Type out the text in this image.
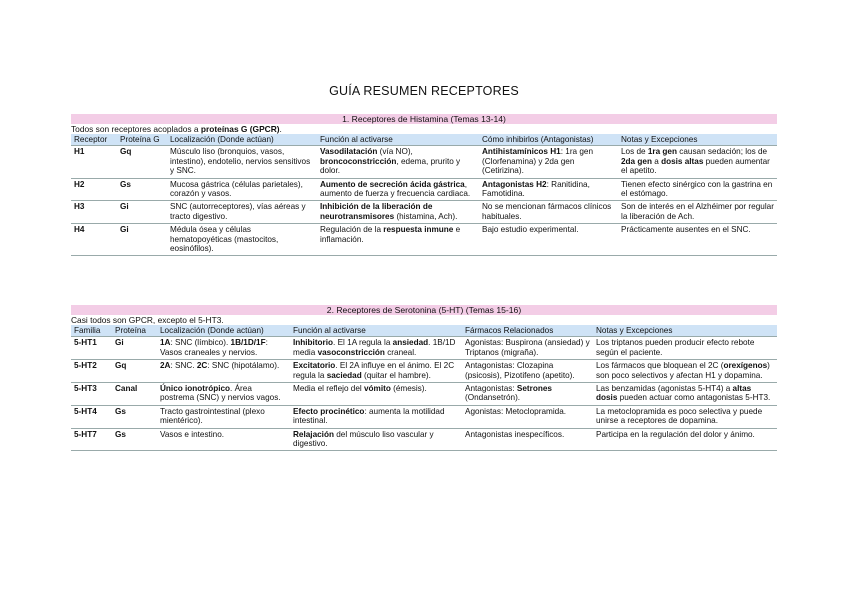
GUÍA RESUMEN RECEPTORES
1. Receptores de Histamina (Temas 13-14)
Todos son receptores acoplados a proteínas G (GPCR).
Receptor	Proteína G	Localización (Donde actúan)	Función al activarse	Cómo inhibirlos (Antagonistas)	Notas y Excepciones
H1	Gq	Músculo liso (bronquios, vasos, intestino), endotelio, nervios sensitivos y SNC.	Vasodilatación (vía NO), broncoconstricción, edema, prurito y dolor.	Antihistamínicos H1: 1ra gen (Clorfenamina) y 2da gen (Cetirizina).	Los de 1ra gen causan sedación; los de 2da gen a dosis altas pueden aumentar el apetito.
H2	Gs	Mucosa gástrica (células parietales), corazón y vasos.	Aumento de secreción ácida gástrica, aumento de fuerza y frecuencia cardiaca.	Antagonistas H2: Ranitidina, Famotidina.	Tienen efecto sinérgico con la gastrina en el estómago.
H3	Gi	SNC (autorreceptores), vías aéreas y tracto digestivo.	Inhibición de la liberación de neurotransmisores (histamina, Ach).	No se mencionan fármacos clínicos habituales.	Son de interés en el Alzhéimer por regular la liberación de Ach.
H4	Gi	Médula ósea y células hematopoyéticas (mastocitos, eosinófilos).	Regulación de la respuesta inmune e inflamación.	Bajo estudio experimental.	Prácticamente ausentes en el SNC.
2. Receptores de Serotonina (5-HT) (Temas 15-16)
Casi todos son GPCR, excepto el 5-HT3.
Familia	Proteína	Localización (Donde actúan)	Función al activarse	Fármacos Relacionados	Notas y Excepciones
5-HT1	Gi	1A: SNC (límbico). 1B/1D/1F: Vasos craneales y nervios.	Inhibitorio. El 1A regula la ansiedad. 1B/1D media vasoconstricción craneal.	Agonistas: Buspirona (ansiedad) y Triptanos (migraña).	Los triptanos pueden producir efecto rebote según el paciente.
5-HT2	Gq	2A: SNC. 2C: SNC (hipotálamo).	Excitatorio. El 2A influye en el ánimo. El 2C regula la saciedad (quitar el hambre).	Antagonistas: Clozapina (psicosis), Pizotifeno (apetito).	Los fármacos que bloquean el 2C (orexígenos) son poco selectivos y afectan H1 y dopamina.
5-HT3	Canal	Único ionotrópico. Área postrema (SNC) y nervios vagos.	Media el reflejo del vómito (émesis).	Antagonistas: Setrones (Ondansetrón).	Las benzamidas (agonistas 5-HT4) a altas dosis pueden actuar como antagonistas 5-HT3.
5-HT4	Gs	Tracto gastrointestinal (plexo mientérico).	Efecto procinético: aumenta la motilidad intestinal.	Agonistas: Metoclopramida.	La metoclopramida es poco selectiva y puede unirse a receptores de dopamina.
5-HT7	Gs	Vasos e intestino.	Relajación del músculo liso vascular y digestivo.	Antagonistas inespecíficos.	Participa en la regulación del dolor y ánimo.
